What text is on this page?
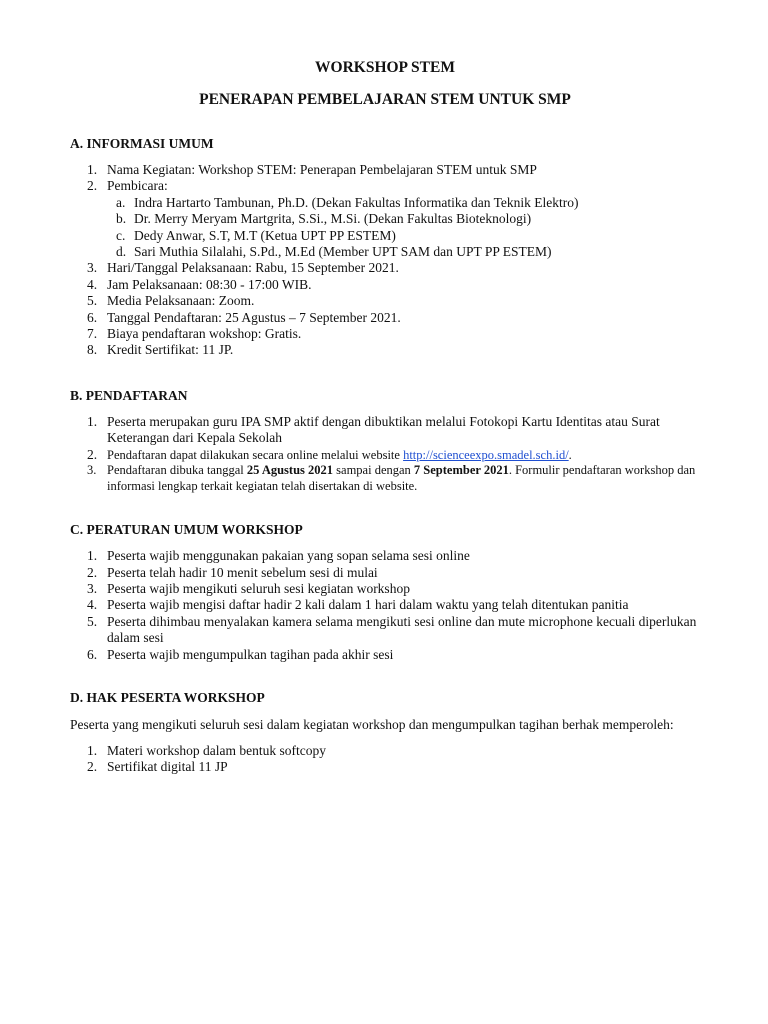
WORKSHOP STEM
PENERAPAN PEMBELAJARAN STEM UNTUK SMP
A. INFORMASI UMUM
1. Nama Kegiatan: Workshop STEM: Penerapan Pembelajaran STEM untuk SMP
2. Pembicara:
a. Indra Hartarto Tambunan, Ph.D. (Dekan Fakultas Informatika dan Teknik Elektro)
b. Dr. Merry Meryam Martgrita, S.Si., M.Si. (Dekan Fakultas Bioteknologi)
c. Dedy Anwar, S.T, M.T (Ketua UPT PP ESTEM)
d. Sari Muthia Silalahi, S.Pd., M.Ed (Member UPT SAM dan UPT PP ESTEM)
3. Hari/Tanggal Pelaksanaan: Rabu, 15 September 2021.
4. Jam Pelaksanaan: 08:30 - 17:00 WIB.
5. Media Pelaksanaan: Zoom.
6. Tanggal Pendaftaran: 25 Agustus – 7 September 2021.
7. Biaya pendaftaran wokshop: Gratis.
8. Kredit Sertifikat: 11 JP.
B. PENDAFTARAN
1. Peserta merupakan guru IPA SMP aktif dengan dibuktikan melalui Fotokopi Kartu Identitas atau Surat Keterangan dari Kepala Sekolah
2. Pendaftaran dapat dilakukan secara online melalui website http://scienceexpo.smadel.sch.id/.
3. Pendaftaran dibuka tanggal 25 Agustus 2021 sampai dengan 7 September 2021. Formulir pendaftaran workshop dan informasi lengkap terkait kegiatan telah disertakan di website.
C. PERATURAN UMUM WORKSHOP
1. Peserta wajib menggunakan pakaian yang sopan selama sesi online
2. Peserta telah hadir 10 menit sebelum sesi di mulai
3. Peserta wajib mengikuti seluruh sesi kegiatan workshop
4. Peserta wajib mengisi daftar hadir 2 kali dalam 1 hari dalam waktu yang telah ditentukan panitia
5. Peserta dihimbau menyalakan kamera selama mengikuti sesi online dan mute microphone kecuali diperlukan dalam sesi
6. Peserta wajib mengumpulkan tagihan pada akhir sesi
D. HAK PESERTA WORKSHOP

Peserta yang mengikuti seluruh sesi dalam kegiatan workshop dan mengumpulkan tagihan berhak memperoleh:

1. Materi workshop dalam bentuk softcopy
2. Sertifikat digital 11 JP
